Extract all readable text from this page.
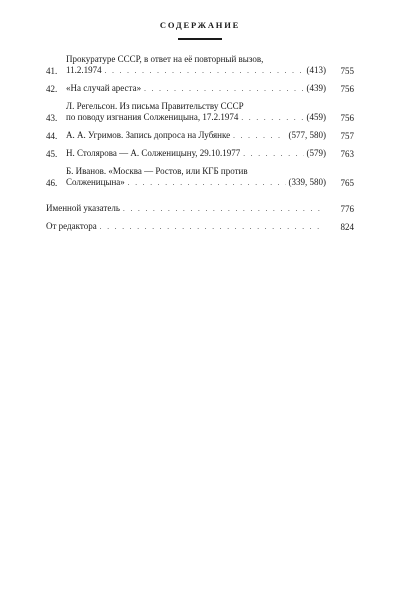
СОДЕРЖАНИЕ
41.
Прокуратуре СССР, в ответ на её повторный вызов,
11.2.1974 . . .	(413)	755
42. «На случай ареста» . . .	(439)	756
43.
Л. Регельсон. Из письма Правительству СССР
по поводу изгнания Солженицына, 17.2.1974 . . .	(459)	756
44. А. А. Угримов. Запись допроса на Лубянке . . .	(577, 580)	757
45. Н. Столярова — А. Солженицыну, 29.10.1977 . . .	(579)	763
46.
Б. Иванов. «Москва — Ростов, или КГБ против
Солженицына» . . .	(339, 580)	765
Именной указатель . . .	776
От редактора . . .	824
